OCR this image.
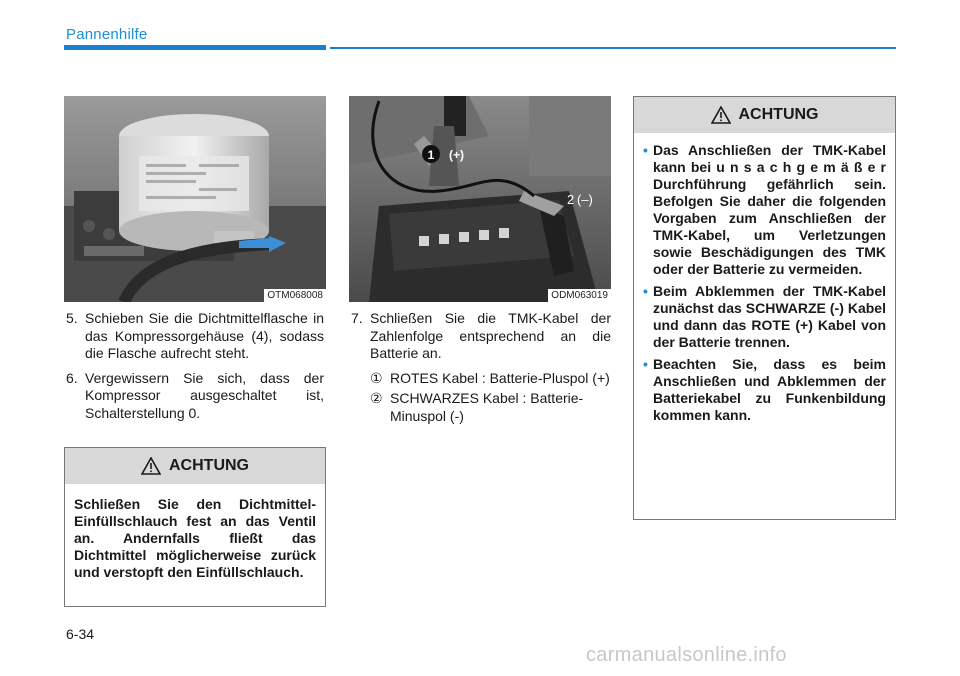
Pannenhilfe
OTM068008
1 (+)
2 (–)
ODM063019
5. Schieben Sie die Dichtmittelflasche in das Kompressorgehäuse (4), sodass die Flasche aufrecht steht.
6. Vergewissern Sie sich, dass der Kompressor ausgeschaltet ist, Schalterstellung 0.
7. Schließen Sie die TMK-Kabel der Zahlenfolge entsprechend an die Batterie an.
① ROTES Kabel : Batterie-Pluspol (+)
② SCHWARZES Kabel : Batterie-Minuspol (-)
ACHTUNG
Schließen Sie den Dichtmittel-Einfüllschlauch fest an das Ventil an. Andernfalls fließt das Dichtmittel möglicherweise zurück und verstopft den Einfüllschlauch.
ACHTUNG
• Das Anschließen der TMK-Kabel kann bei u n s a c h g e m ä ß e r Durchführung gefährlich sein. Befolgen Sie daher die folgenden Vorgaben zum Anschließen der TMK-Kabel, um Verletzungen sowie Beschädigungen des TMK oder der Batterie zu vermeiden.
• Beim Abklemmen der TMK-Kabel zunächst das SCHWARZE (-) Kabel und dann das ROTE (+) Kabel von der Batterie trennen.
• Beachten Sie, dass es beim Anschließen und Abklemmen der Batteriekabel zu Funkenbildung kommen kann.
6-34
carmanualsonline.info
